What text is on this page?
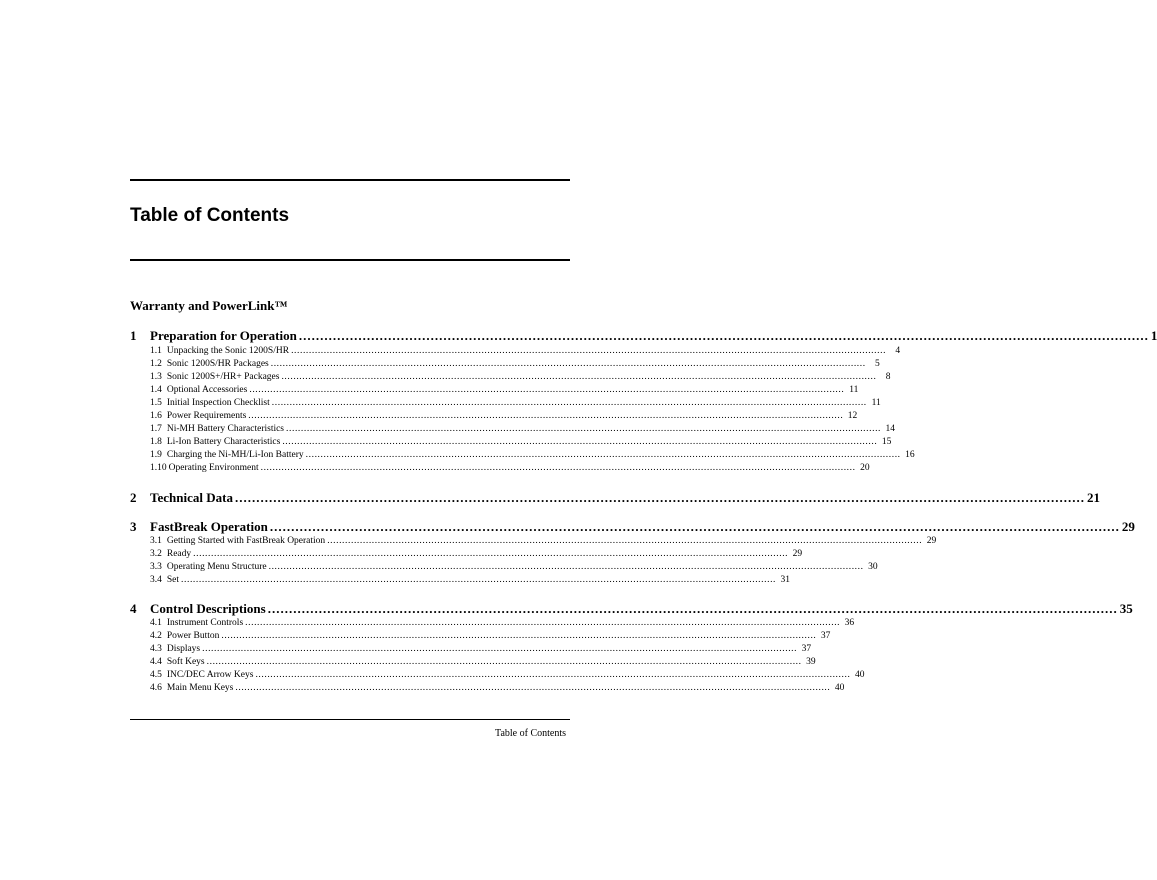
Table of Contents
Warranty and PowerLink™
1	Preparation for Operation ........................................................................................................................................................................................................ 1
1.1 Unpacking the Sonic 1200S/HR ........................................................................................................................................................................................................ 4
1.2 Sonic 1200S/HR Packages ........................................................................................................................................................................................................ 5
1.3 Sonic 1200S+/HR+ Packages ........................................................................................................................................................................................................ 8
1.4 Optional Accessories ........................................................................................................................................................................................................ 11
1.5 Initial Inspection Checklist ........................................................................................................................................................................................................ 11
1.6 Power Requirements ........................................................................................................................................................................................................ 12
1.7 Ni-MH Battery Characteristics ........................................................................................................................................................................................................ 14
1.8 Li-Ion Battery Characteristics ........................................................................................................................................................................................................ 15
1.9 Charging the Ni-MH/Li-Ion Battery ........................................................................................................................................................................................................ 16
1.10 Operating Environment ........................................................................................................................................................................................................ 20
2	Technical Data ........................................................................................................................................................................................................ 21
3	FastBreak Operation ........................................................................................................................................................................................................ 29
3.1 Getting Started with FastBreak Operation ........................................................................................................................................................................................................ 29
3.2 Ready ........................................................................................................................................................................................................ 29
3.3 Operating Menu Structure ........................................................................................................................................................................................................ 30
3.4 Set ........................................................................................................................................................................................................ 31
4	Control Descriptions ........................................................................................................................................................................................................ 35
4.1 Instrument Controls ........................................................................................................................................................................................................ 36
4.2 Power Button ........................................................................................................................................................................................................ 37
4.3 Displays ........................................................................................................................................................................................................ 37
4.4 Soft Keys ........................................................................................................................................................................................................ 39
4.5 INC/DEC Arrow Keys ........................................................................................................................................................................................................ 40
4.6 Main Menu Keys ........................................................................................................................................................................................................ 40
Table of Contents
